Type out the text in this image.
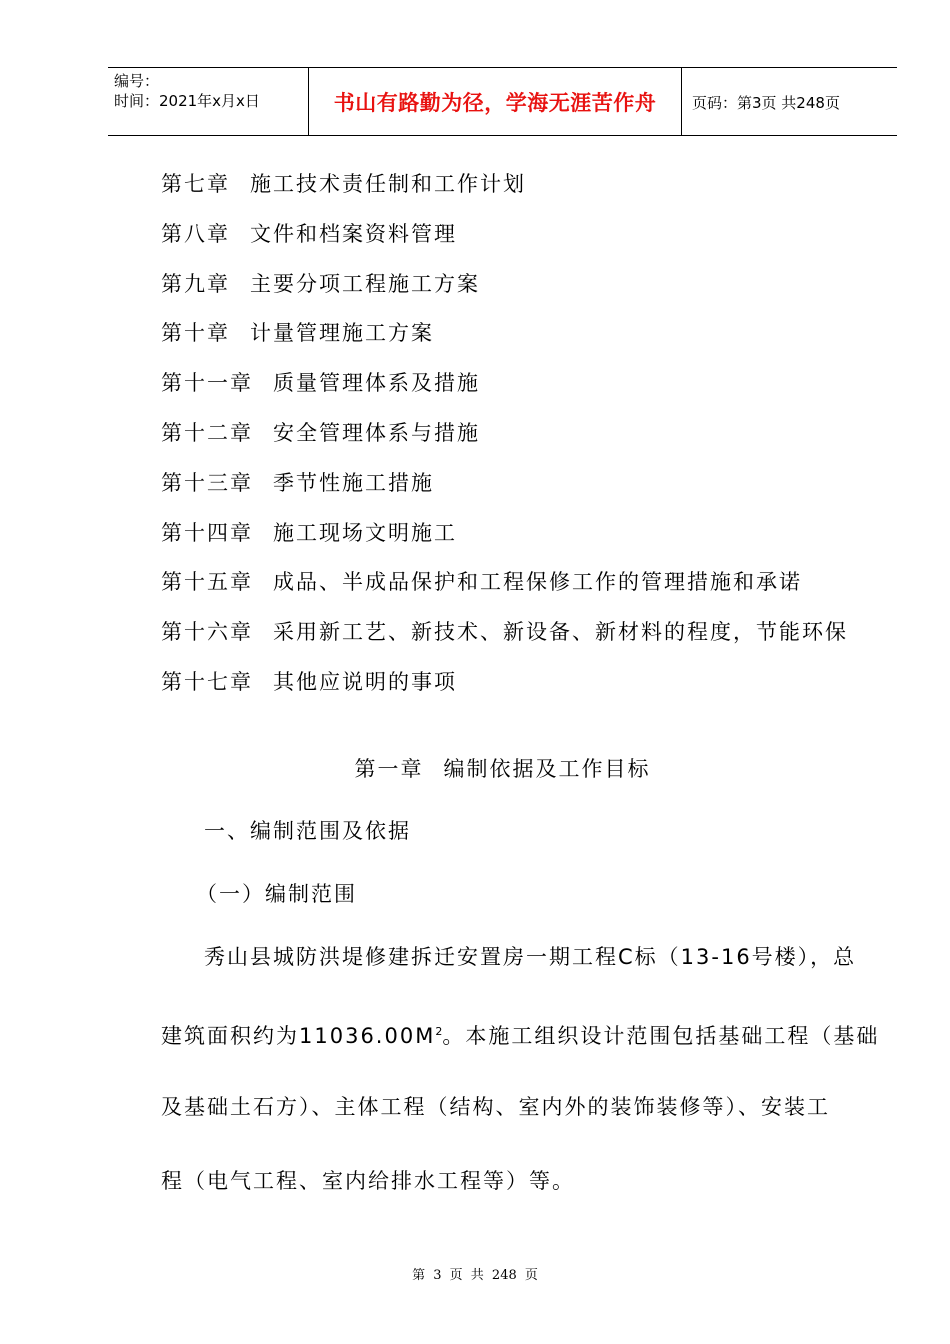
编号：
时间：2021年x月x日	书山有路勤为径，学海无涯苦作舟	页码：第3页 共248页
第七章 施工技术责任制和工作计划
第八章 文件和档案资料管理
第九章 主要分项工程施工方案
第十章 计量管理施工方案
第十一章 质量管理体系及措施
第十二章 安全管理体系与措施
第十三章 季节性施工措施
第十四章 施工现场文明施工
第十五章 成品、半成品保护和工程保修工作的管理措施和承诺
第十六章 采用新工艺、新技术、新设备、新材料的程度，节能环保
第十七章 其他应说明的事项
第一章 编制依据及工作目标
一、编制范围及依据
（一）编制范围
秀山县城防洪堤修建拆迁安置房一期工程C标（13-16号楼），总
建筑面积约为$11036.00M^2$。本施工组织设计范围包括基础工程（基础
及基础土石方）、主体工程（结构、室内外的装饰装修等）、安装工
程（电气工程、室内给排水工程等）等。
第 3 页 共 248 页
